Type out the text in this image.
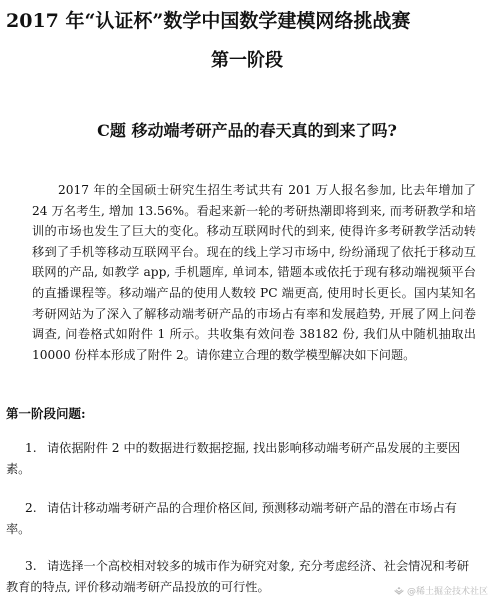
2017 年“认证杯”数学中国数学建模网络挑战赛
第一阶段
C题 移动端考研产品的春天真的到来了吗?

2017 年的全国硕士研究生招生考试共有 201 万人报名参加, 比去年增加了 24 万名考生, 增加 13.56%。看起来新一轮的考研热潮即将到来, 而考研教学和培训的市场也发生了巨大的变化。移动互联网时代的到来, 使得许多考研教学活动转移到了手机等移动互联网平台。现在的线上学习市场中, 纷纷涌现了依托于移动互联网的产品, 如教学 app, 手机题库, 单词本, 错题本或依托于现有移动端视频平台的直播课程等。移动端产品的使用人数较 PC 端更高, 使用时长更长。国内某知名考研网站为了深入了解移动端考研产品的市场占有率和发展趋势, 开展了网上问卷调查, 问卷格式如附件 1 所示。共收集有效问卷 38182 份, 我们从中随机抽取出 10000 份样本形成了附件 2。请你建立合理的数学模型解决如下问题。

第一阶段问题:

1. 请依据附件 2 中的数据进行数据挖掘, 找出影响移动端考研产品发展的主要因素。

2. 请估计移动端考研产品的合理价格区间, 预测移动端考研产品的潜在市场占有率。

3. 请选择一个高校相对较多的城市作为研究对象, 充分考虑经济、社会情况和考研教育的特点, 评价移动端考研产品投放的可行性。	@稀土掘金技术社区
